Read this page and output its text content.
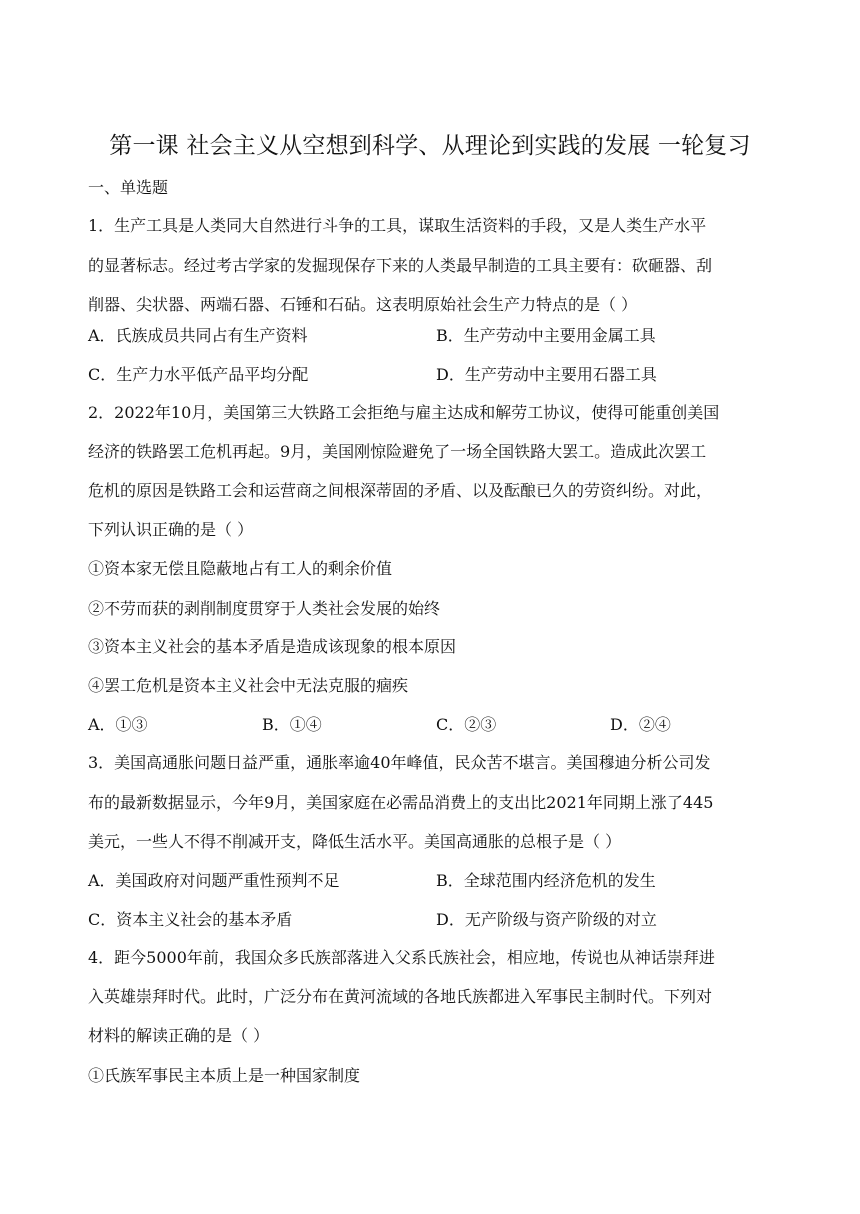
第一课 社会主义从空想到科学、从理论到实践的发展 一轮复习
一、单选题
1．生产工具是人类同大自然进行斗争的工具，谋取生活资料的手段，又是人类生产水平
的显著标志。经过考古学家的发掘现保存下来的人类最早制造的工具主要有：砍砸器、刮
削器、尖状器、两端石器、石锤和石砧。这表明原始社会生产力特点的是（ ）
A．氏族成员共同占有生产资料	B．生产劳动中主要用金属工具
C．生产力水平低产品平均分配	D．生产劳动中主要用石器工具
2．2022年10月，美国第三大铁路工会拒绝与雇主达成和解劳工协议，使得可能重创美国
经济的铁路罢工危机再起。9月，美国刚惊险避免了一场全国铁路大罢工。造成此次罢工
危机的原因是铁路工会和运营商之间根深蒂固的矛盾、以及酝酿已久的劳资纠纷。对此，
下列认识正确的是（ ）
①资本家无偿且隐蔽地占有工人的剩余价值
②不劳而获的剥削制度贯穿于人类社会发展的始终
③资本主义社会的基本矛盾是造成该现象的根本原因
④罢工危机是资本主义社会中无法克服的痼疾
A．①③	B．①④	C．②③	D．②④
3．美国高通胀问题日益严重，通胀率逾40年峰值，民众苦不堪言。美国穆迪分析公司发
布的最新数据显示，今年9月，美国家庭在必需品消费上的支出比2021年同期上涨了445
美元，一些人不得不削减开支，降低生活水平。美国高通胀的总根子是（ ）
A．美国政府对问题严重性预判不足	B．全球范围内经济危机的发生
C．资本主义社会的基本矛盾	D．无产阶级与资产阶级的对立
4．距今5000年前，我国众多氏族部落进入父系氏族社会，相应地，传说也从神话崇拜进
入英雄崇拜时代。此时，广泛分布在黄河流域的各地氏族都进入军事民主制时代。下列对
材料的解读正确的是（ ）
①氏族军事民主本质上是一种国家制度
